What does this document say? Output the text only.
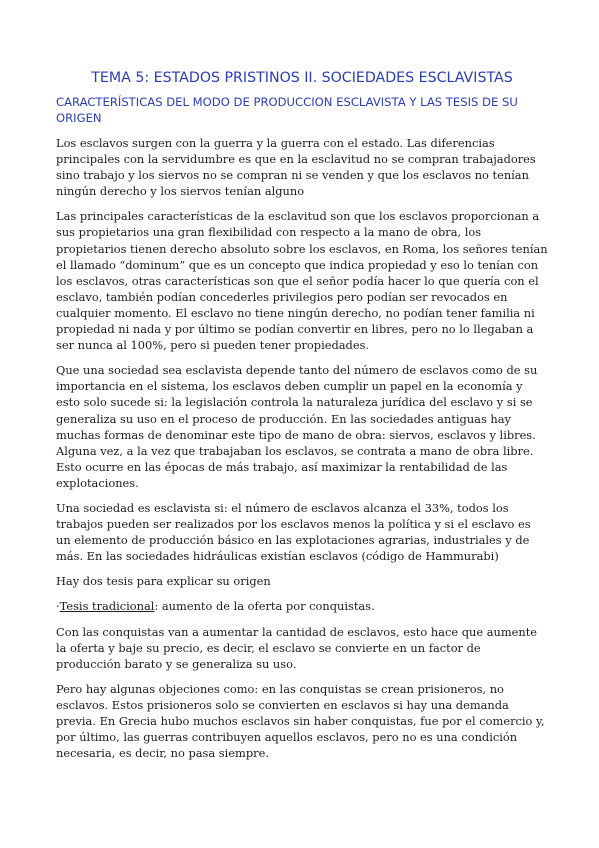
TEMA 5: ESTADOS PRISTINOS II. SOCIEDADES ESCLAVISTAS
CARACTERÍSTICAS DEL MODO DE PRODUCCION ESCLAVISTA Y LAS TESIS DE SU ORIGEN

Los esclavos surgen con la guerra y la guerra con el estado. Las diferencias principales con la servidumbre es que en la esclavitud no se compran trabajadores sino trabajo y los siervos no se compran ni se venden y que los esclavos no tenían ningún derecho y los siervos tenían alguno

Las principales características de la esclavitud son que los esclavos proporcionan a sus propietarios una gran flexibilidad con respecto a la mano de obra, los propietarios tienen derecho absoluto sobre los esclavos, en Roma, los señores tenían el llamado “dominum” que es un concepto que indica propiedad y eso lo tenían con los esclavos, otras características son que el señor podía hacer lo que quería con el esclavo, también podían concederles privilegios pero podían ser revocados en cualquier momento. El esclavo no tiene ningún derecho, no podían tener familia ni propiedad ni nada y por último se podían convertir en libres, pero no lo llegaban a ser nunca al 100%, pero si pueden tener propiedades.

Que una sociedad sea esclavista depende tanto del número de esclavos como de su importancia en el sistema, los esclavos deben cumplir un papel en la economía y esto solo sucede si: la legislación controla la naturaleza jurídica del esclavo y si se generaliza su uso en el proceso de producción. En las sociedades antiguas hay muchas formas de denominar este tipo de mano de obra: siervos, esclavos y libres. Alguna vez, a la vez que trabajaban los esclavos, se contrata a mano de obra libre. Esto ocurre en las épocas de más trabajo, así maximizar la rentabilidad de las explotaciones.

Una sociedad es esclavista si: el número de esclavos alcanza el 33%, todos los trabajos pueden ser realizados por los esclavos menos la política y si el esclavo es un elemento de producción básico en las explotaciones agrarias, industriales y de más. En las sociedades hidráulicas existían esclavos (código de Hammurabi)

Hay dos tesis para explicar su origen

·Tesis tradicional: aumento de la oferta por conquistas.

Con las conquistas van a aumentar la cantidad de esclavos, esto hace que aumente la oferta y baje su precio, es decir, el esclavo se convierte en un factor de producción barato y se generaliza su uso.

Pero hay algunas objeciones como: en las conquistas se crean prisioneros, no esclavos. Estos prisioneros solo se convierten en esclavos si hay una demanda previa. En Grecia hubo muchos esclavos sin haber conquistas, fue por el comercio y, por último, las guerras contribuyen aquellos esclavos, pero no es una condición necesaria, es decir, no pasa siempre.
